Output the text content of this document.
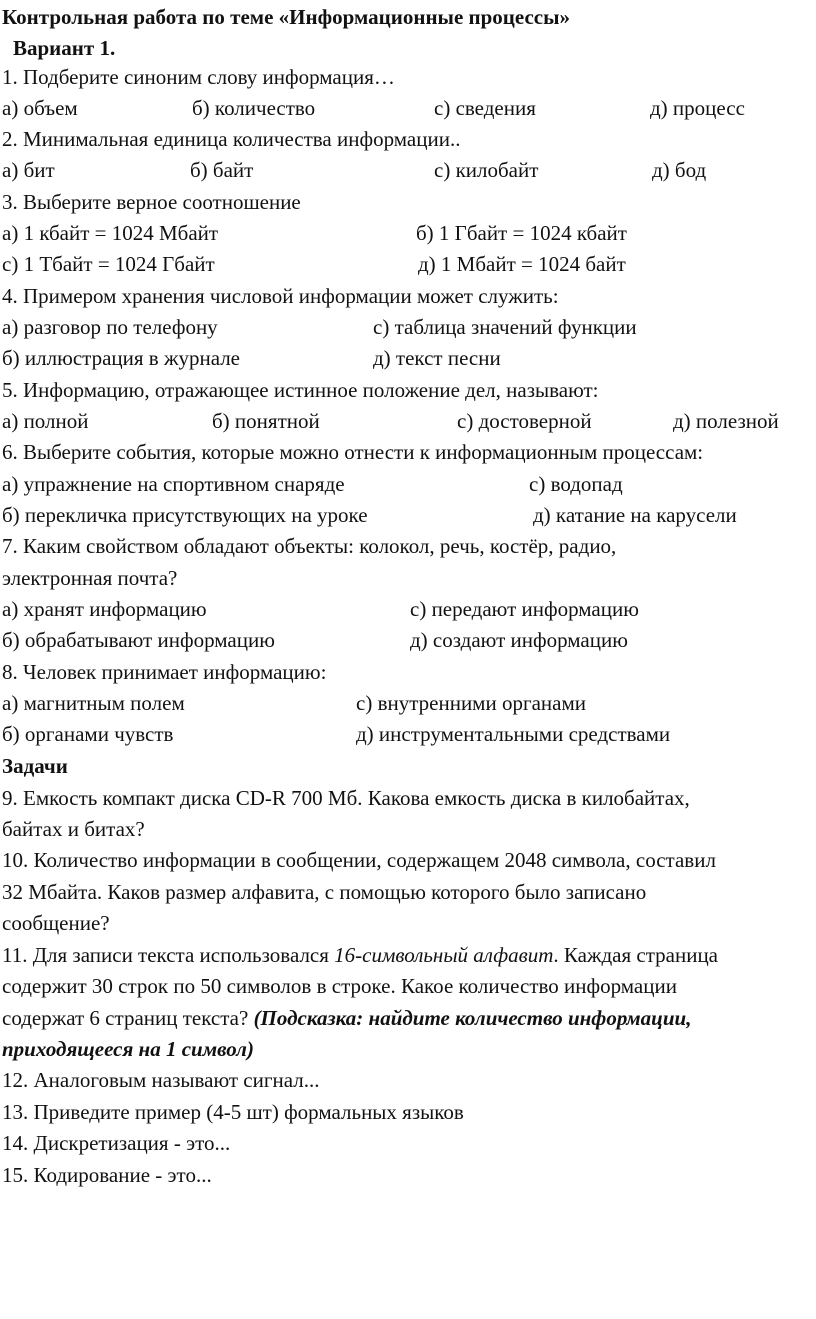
Контрольная работа по теме «Информационные процессы»
Вариант 1.
1. Подберите синоним слову информация…
а) объем	б) количество	с) сведения	д) процесс
2. Минимальная единица количества информации..
а) бит	б) байт	с) килобайт	д) бод
3. Выберите верное соотношение
а) 1 кбайт = 1024 Мбайт	б) 1 Гбайт = 1024 кбайт
с) 1 Тбайт = 1024 Гбайт	д) 1 Мбайт = 1024 байт
4. Примером хранения числовой информации может служить:
а) разговор по телефону	с) таблица значений функции
б) иллюстрация в журнале	д) текст песни
5. Информацию, отражающее истинное положение дел, называют:
а) полной	б) понятной	с) достоверной	д) полезной
6. Выберите события, которые можно отнести к информационным процессам:
а) упражнение на спортивном снаряде	с) водопад
б) перекличка присутствующих на уроке	д) катание на карусели
7. Каким свойством обладают объекты: колокол, речь, костёр, радио,
электронная почта?
а) хранят информацию	с) передают информацию
б) обрабатывают информацию	д) создают информацию
8. Человек принимает информацию:
а) магнитным полем	с) внутренними органами
б) органами чувств	д) инструментальными средствами
Задачи
9. Емкость компакт диска CD-R 700 Мб. Какова емкость диска в килобайтах,
байтах и битах?
10. Количество информации в сообщении, содержащем 2048 символа, составил
32 Мбайта. Каков размер алфавита, с помощью которого было записано
сообщение?
11. Для записи текста использовался 16-символьный алфавит. Каждая страница
содержит 30 строк по 50 символов в строке. Какое количество информации
содержат 6 страниц текста? (Подсказка: найдите количество информации,
приходящееся на 1 символ)
12. Аналоговым называют сигнал...
13. Приведите пример (4-5 шт) формальных языков
14. Дискретизация - это...
15. Кодирование - это...
